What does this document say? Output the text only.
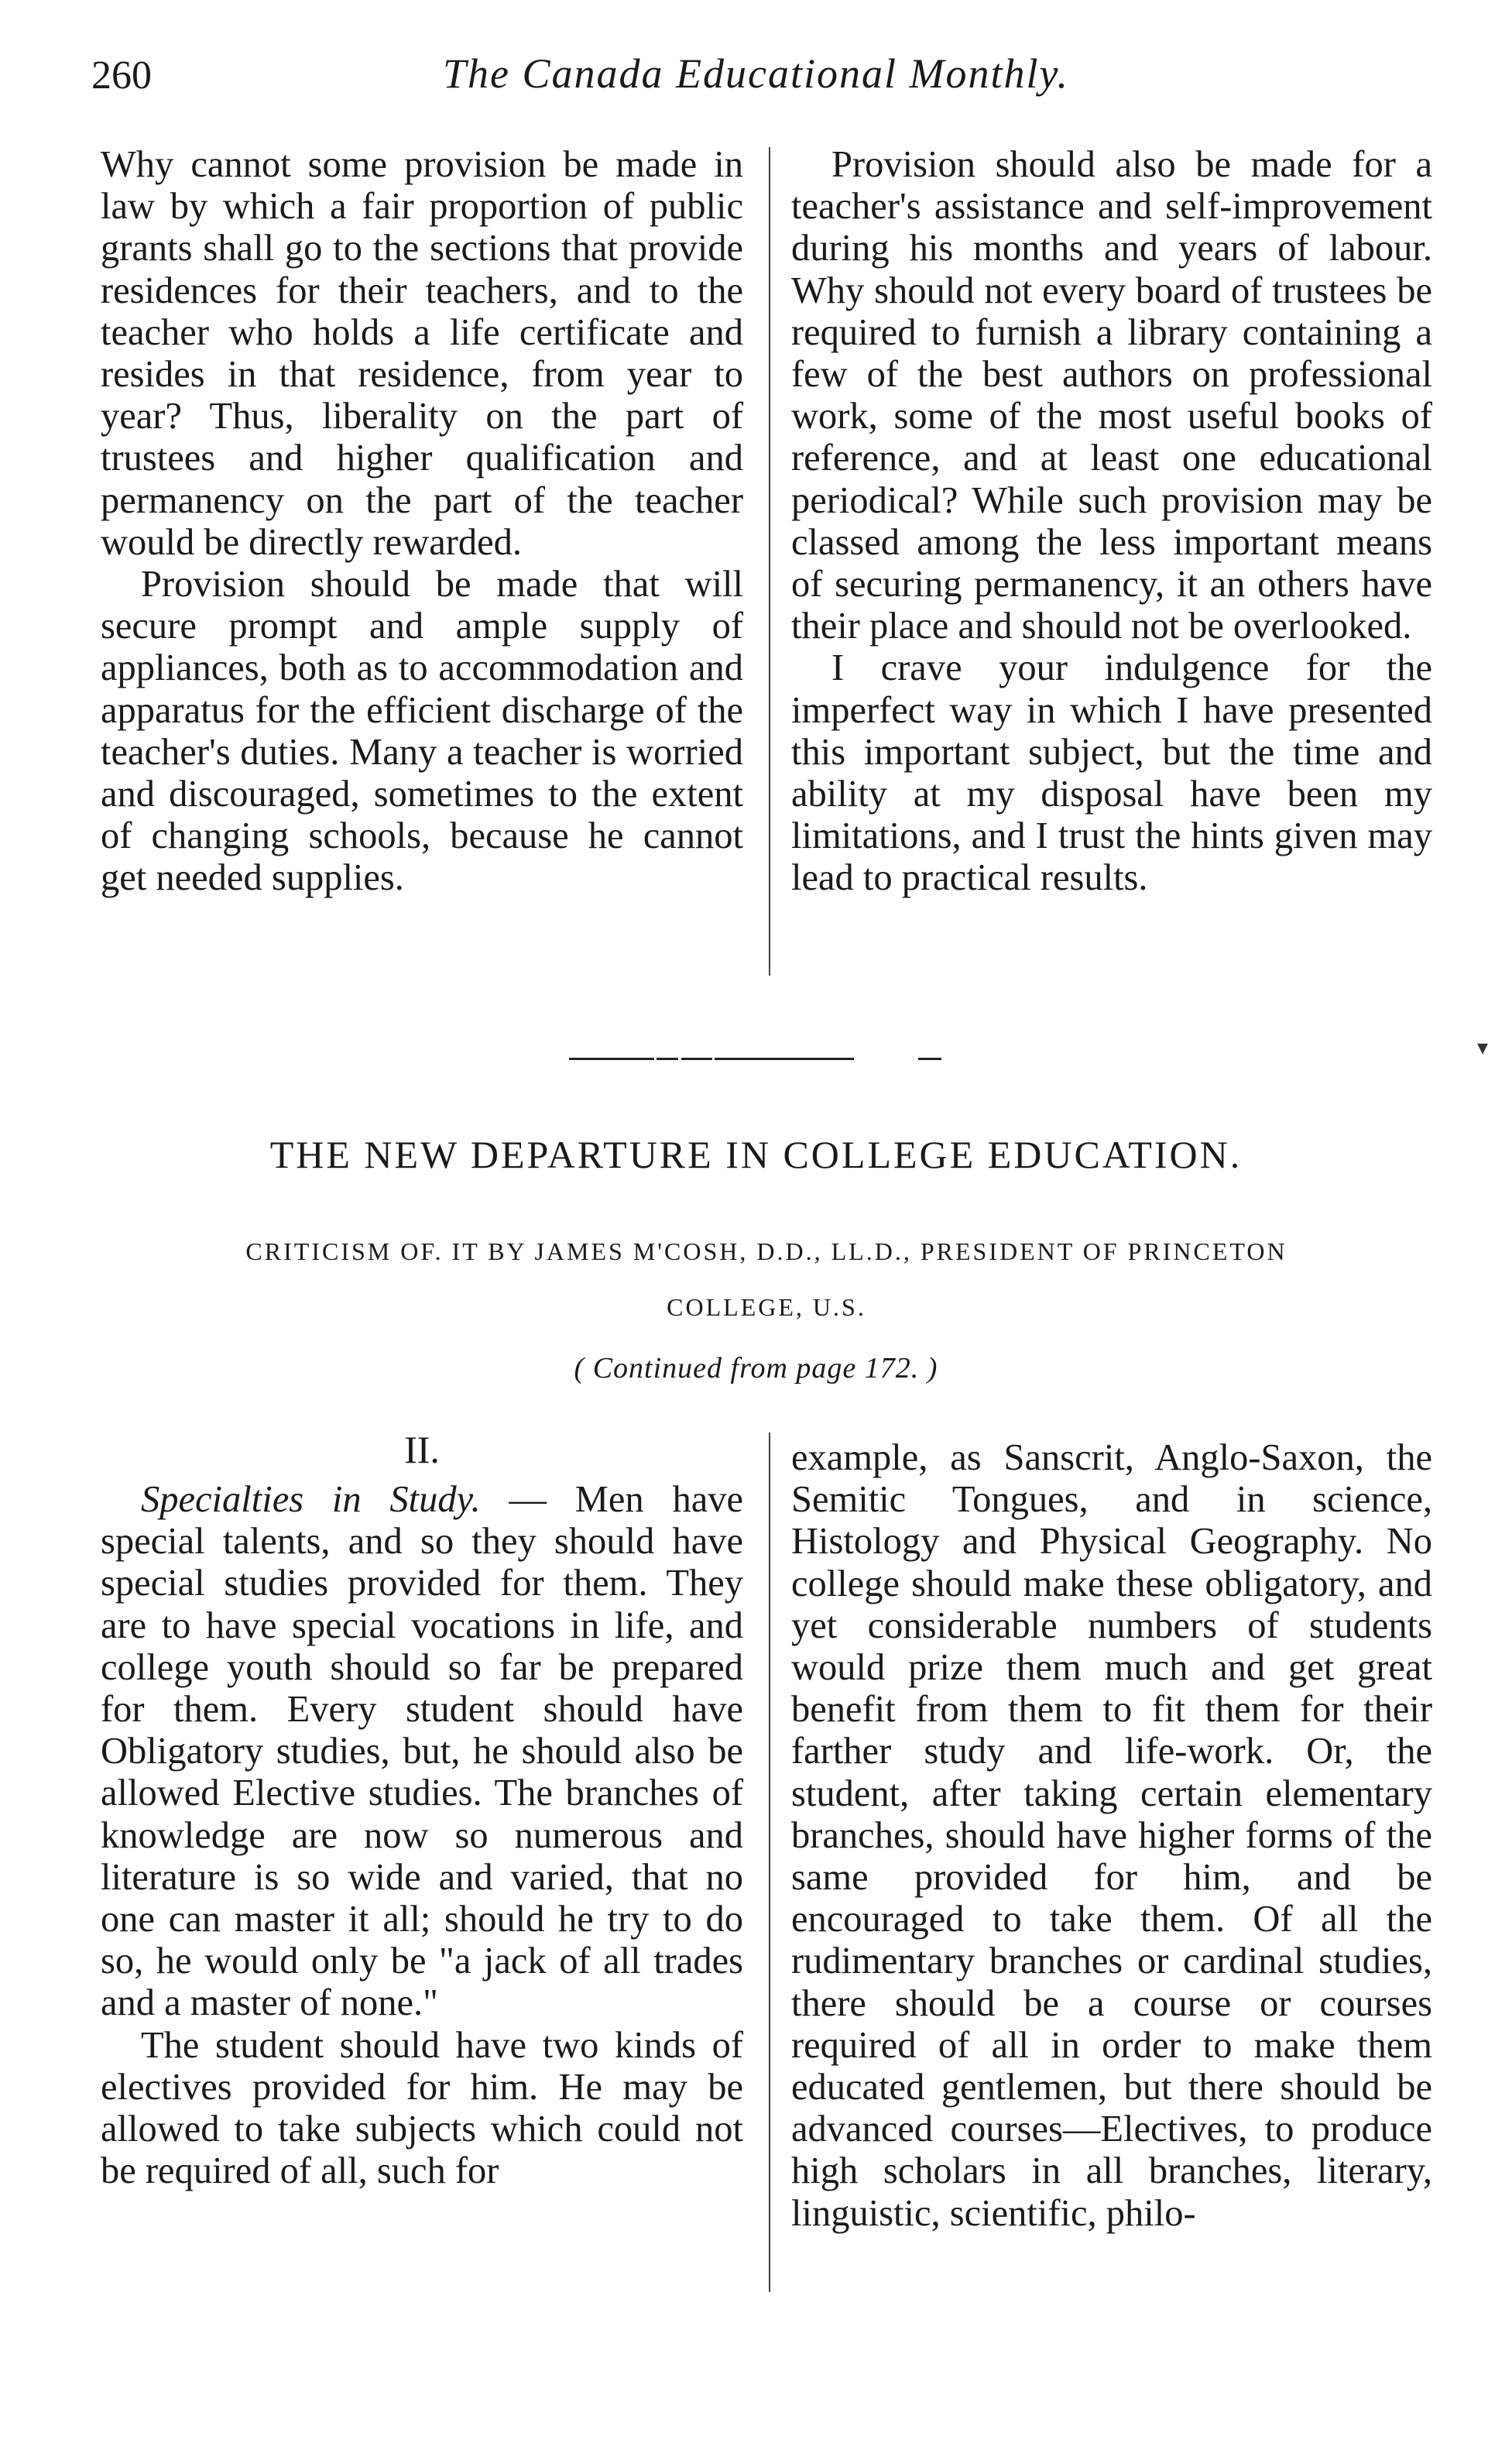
260	The Canada Educational Monthly.

Why cannot some provision be made in law by which a fair proportion of public grants shall go to the sections that provide residences for their teachers, and to the teacher who holds a life certificate and resides in that residence, from year to year? Thus, liberality on the part of trustees and higher qualification and permanency on the part of the teacher would be directly rewarded.

Provision should be made that will secure prompt and ample supply of appliances, both as to accommodation and apparatus for the efficient discharge of the teacher's duties. Many a teacher is worried and discouraged, sometimes to the extent of changing schools, because he cannot get needed supplies.

Provision should also be made for a teacher's assistance and self-improvement during his months and years of labour. Why should not every board of trustees be required to furnish a library containing a few of the best authors on professional work, some of the most useful books of reference, and at least one educational periodical? While such provision may be classed among the less important means of securing permanency, it an others have their place and should not be overlooked.

I crave your indulgence for the imperfect way in which I have presented this important subject, but the time and ability at my disposal have been my limitations, and I trust the hints given may lead to practical results.

▾
THE NEW DEPARTURE IN COLLEGE EDUCATION.
CRITICISM OF. IT BY JAMES M'COSH, D.D., LL.D., PRESIDENT OF PRINCETON
COLLEGE, U.S.
( Continued from page 172. )
II.

Specialties in Study. — Men have special talents, and so they should have special studies provided for them. They are to have special vocations in life, and college youth should so far be prepared for them. Every student should have Obligatory studies, but, he should also be allowed Elective studies. The branches of knowledge are now so numerous and literature is so wide and varied, that no one can master it all; should he try to do so, he would only be "a jack of all trades and a master of none."

The student should have two kinds of electives provided for him. He may be allowed to take subjects which could not be required of all, such for

example, as Sanscrit, Anglo-Saxon, the Semitic Tongues, and in science, Histology and Physical Geography. No college should make these obligatory, and yet considerable numbers of students would prize them much and get great benefit from them to fit them for their farther study and life-work. Or, the student, after taking certain elementary branches, should have higher forms of the same provided for him, and be encouraged to take them. Of all the rudimentary branches or cardinal studies, there should be a course or courses required of all in order to make them educated gentlemen, but there should be advanced courses—Electives, to produce high scholars in all branches, literary, linguistic, scientific, philo-
